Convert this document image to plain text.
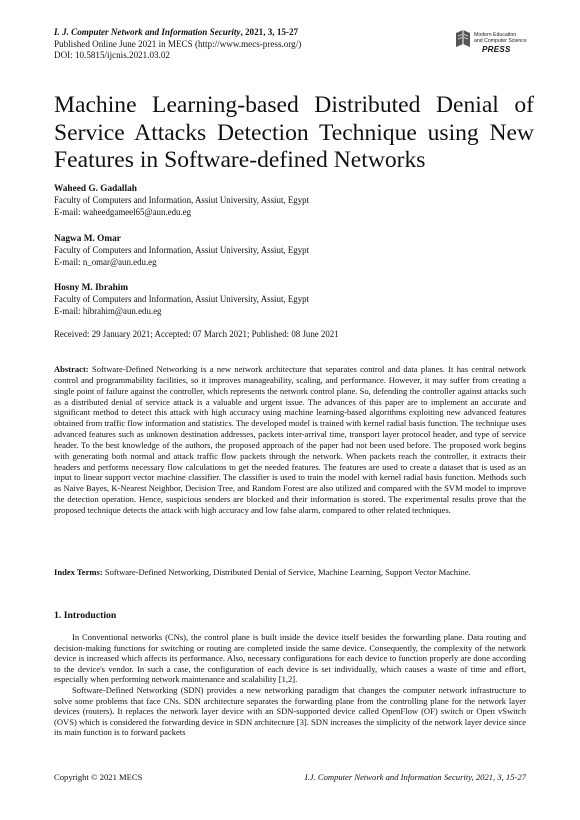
I. J. Computer Network and Information Security, 2021, 3, 15-27
Published Online June 2021 in MECS (http://www.mecs-press.org/)
DOI: 10.5815/ijcnis.2021.03.02
Modern Education
and Computer Science
PRESS
Machine Learning-based Distributed Denial of Service Attacks Detection Technique using New Features in Software-defined Networks
Waheed G. Gadallah
Faculty of Computers and Information, Assiut University, Assiut, Egypt
E-mail: waheedgameel65@aun.edu.eg
Nagwa M. Omar
Faculty of Computers and Information, Assiut University, Assiut, Egypt
E-mail: n_omar@aun.edu.eg
Hosny M. Ibrahim
Faculty of Computers and Information, Assiut University, Assiut, Egypt
E-mail: hibrahim@aun.edu.eg
Received: 29 January 2021; Accepted: 07 March 2021; Published: 08 June 2021
Abstract: Software-Defined Networking is a new network architecture that separates control and data planes. It has central network control and programmability facilities, so it improves manageability, scaling, and performance. However, it may suffer from creating a single point of failure against the controller, which represents the network control plane. So, defending the controller against attacks such as a distributed denial of service attack is a valuable and urgent issue. The advances of this paper are to implement an accurate and significant method to detect this attack with high accuracy using machine learning-based algorithms exploiting new advanced features obtained from traffic flow information and statistics. The developed model is trained with kernel radial basis function. The technique uses advanced features such as unknown destination addresses, packets inter-arrival time, transport layer protocol header, and type of service header. To the best knowledge of the authors, the proposed approach of the paper had not been used before. The proposed work begins with generating both normal and attack traffic flow packets through the network. When packets reach the controller, it extracts their headers and performs necessary flow calculations to get the needed features. The features are used to create a dataset that is used as an input to linear support vector machine classifier. The classifier is used to train the model with kernel radial basis function. Methods such as Naive Bayes, K-Nearest Neighbor, Decision Tree, and Random Forest are also utilized and compared with the SVM model to improve the detection operation. Hence, suspicious senders are blocked and their information is stored. The experimental results prove that the proposed technique detects the attack with high accuracy and low false alarm, compared to other related techniques.
Index Terms: Software-Defined Networking, Distributed Denial of Service, Machine Learning, Support Vector Machine.
1. Introduction

In Conventional networks (CNs), the control plane is built inside the device itself besides the forwarding plane. Data routing and decision-making functions for switching or routing are completed inside the same device. Consequently, the complexity of the network device is increased which affects its performance. Also, necessary configurations for each device to function properly are done according to the device's vendor. In such a case, the configuration of each device is set individually, which causes a waste of time and effort, especially when performing network maintenance and scalability [1,2].

Software-Defined Networking (SDN) provides a new networking paradigm that changes the computer network infrastructure to solve some problems that face CNs. SDN architecture separates the forwarding plane from the controlling plane for the network layer devices (routers). It replaces the network layer device with an SDN-supported device called OpenFlow (OF) switch or Open vSwitch (OVS) which is considered the forwarding device in SDN architecture [3]. SDN increases the simplicity of the network layer device since its main function is to forward packets

Copyright © 2021 MECS	I.J. Computer Network and Information Security, 2021, 3, 15-27
